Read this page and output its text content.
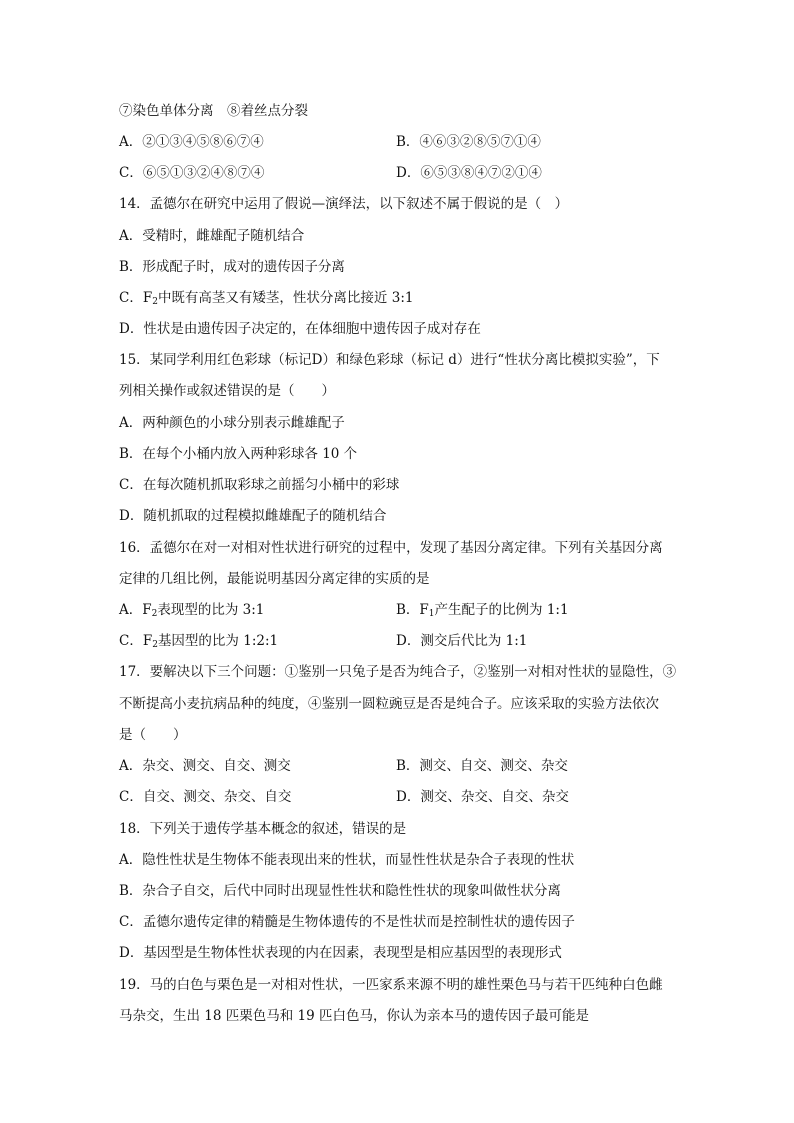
⑦染色单体分离　⑧着丝点分裂
A．②①③④⑤⑧⑥⑦④	B．④⑥③②⑧⑤⑦①④
C．⑥⑤①③②④⑧⑦④	D．⑥⑤③⑧④⑦②①④
14．孟德尔在研究中运用了假说—演绎法，以下叙述不属于假说的是（　）
A．受精时，雌雄配子随机结合
B．形成配子时，成对的遗传因子分离
C．$F_2$中既有高茎又有矮茎，性状分离比接近 3:1
D．性状是由遗传因子决定的，在体细胞中遗传因子成对存在
15．某同学利用红色彩球（标记D）和绿色彩球（标记 d）进行“性状分离比模拟实验”，下
列相关操作或叙述错误的是（　　）
A．两种颜色的小球分别表示雌雄配子
B．在每个小桶内放入两种彩球各 10 个
C．在每次随机抓取彩球之前摇匀小桶中的彩球
D．随机抓取的过程模拟雌雄配子的随机结合
16．孟德尔在对一对相对性状进行研究的过程中，发现了基因分离定律。下列有关基因分离
定律的几组比例，最能说明基因分离定律的实质的是
A．$F_2$表现型的比为 3:1	B．$F_1$产生配子的比例为 1:1
C．$F_2$基因型的比为 1:2:1	D．测交后代比为 1:1
17．要解决以下三个问题：①鉴别一只兔子是否为纯合子，②鉴别一对相对性状的显隐性，③
不断提高小麦抗病品种的纯度，④鉴别一圆粒豌豆是否是纯合子。应该采取的实验方法依次
是（　　）
A．杂交、测交、自交、测交	B．测交、自交、测交、杂交
C．自交、测交、杂交、自交	D．测交、杂交、自交、杂交
18．下列关于遗传学基本概念的叙述，错误的是
A．隐性性状是生物体不能表现出来的性状，而显性性状是杂合子表现的性状
B．杂合子自交，后代中同时出现显性性状和隐性性状的现象叫做性状分离
C．孟德尔遗传定律的精髓是生物体遗传的不是性状而是控制性状的遗传因子
D．基因型是生物体性状表现的内在因素，表现型是相应基因型的表现形式
19．马的白色与栗色是一对相对性状，一匹家系来源不明的雄性栗色马与若干匹纯种白色雌
马杂交，生出 18 匹栗色马和 19 匹白色马，你认为亲本马的遗传因子最可能是
